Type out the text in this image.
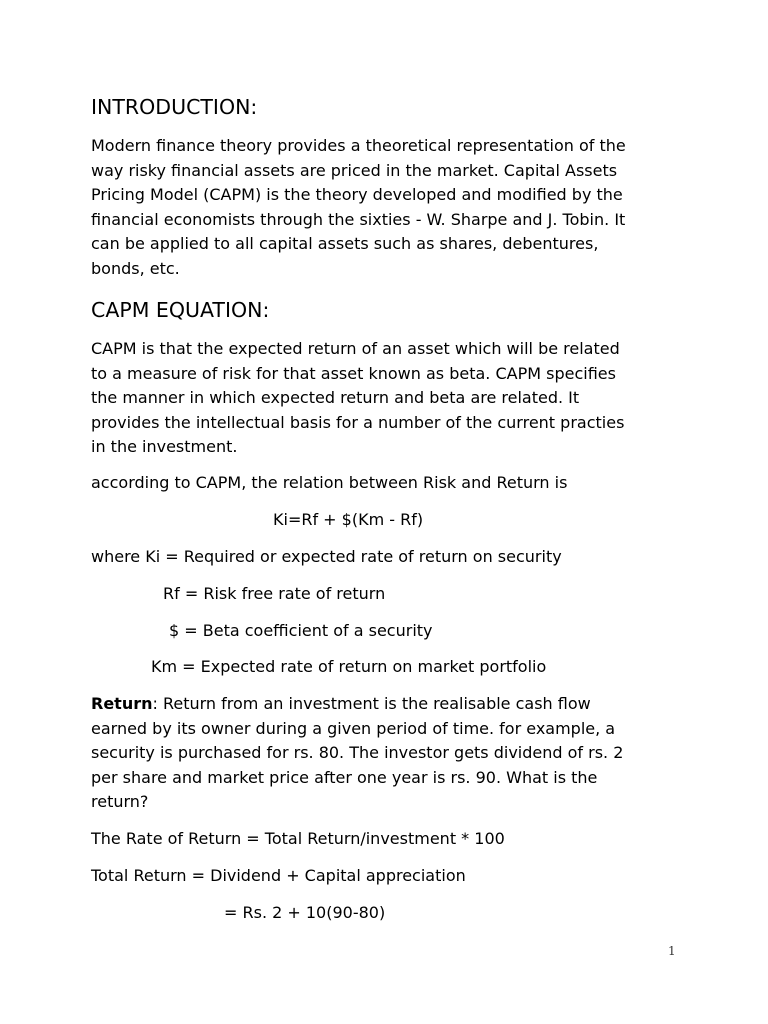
INTRODUCTION:

Modern finance theory provides a theoretical representation of the
way risky financial assets are priced in the market. Capital Assets
Pricing Model (CAPM) is the theory developed and modified by the
financial economists through the sixties - W. Sharpe and J. Tobin. It
can be applied to all capital assets such as shares, debentures,
bonds, etc.

CAPM EQUATION:

CAPM is that the expected return of an asset which will be related
to a measure of risk for that asset known as beta. CAPM specifies
the manner in which expected return and beta are related. It
provides the intellectual basis for a number of the current practies
in the investment.

according to CAPM, the relation between Risk and Return is

Ki=Rf + $(Km - Rf)

where Ki = Required or expected rate of return on security

Rf = Risk free rate of return

$ = Beta coefficient of a security

Km = Expected rate of return on market portfolio

Return: Return from an investment is the realisable cash flow
earned by its owner during a given period of time. for example, a
security is purchased for rs. 80. The investor gets dividend of rs. 2
per share and market price after one year is rs. 90. What is the
return?

The Rate of Return = Total Return/investment * 100

Total Return = Dividend + Capital appreciation

= Rs. 2 + 10(90-80)

1
